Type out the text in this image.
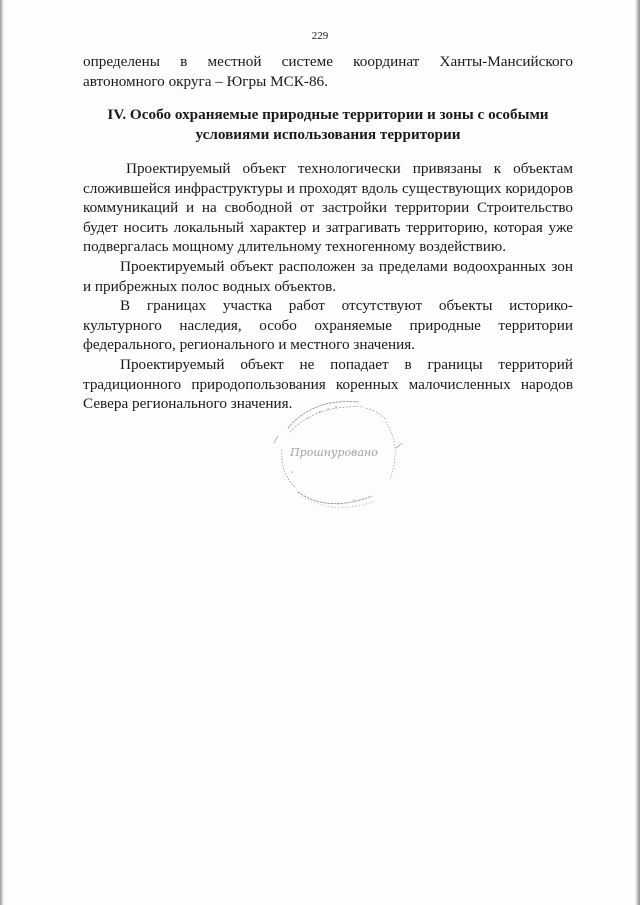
229
определены в местной системе координат Ханты-Мансийского автономного округа – Югры МСК-86.
IV. Особо охраняемые природные территории и зоны с особыми
условиями использования территории

Проектируемый объект технологически привязаны к объектам сложившейся инфраструктуры и проходят вдоль существующих коридоров коммуникаций и на свободной от застройки территории Строительство будет носить локальный характер и затрагивать территорию, которая уже подвергалась мощному длительному техногенному воздействию.

Проектируемый объект расположен за пределами водоохранных зон и прибрежных полос водных объектов.

В границах участка работ отсутствуют объекты историко-культурного наследия, особо охраняемые природные территории федерального, регионального и местного значения.

Проектируемый объект не попадает в границы территорий традиционного природопользования коренных малочисленных народов Севера регионального значения.

Прошнуровано
